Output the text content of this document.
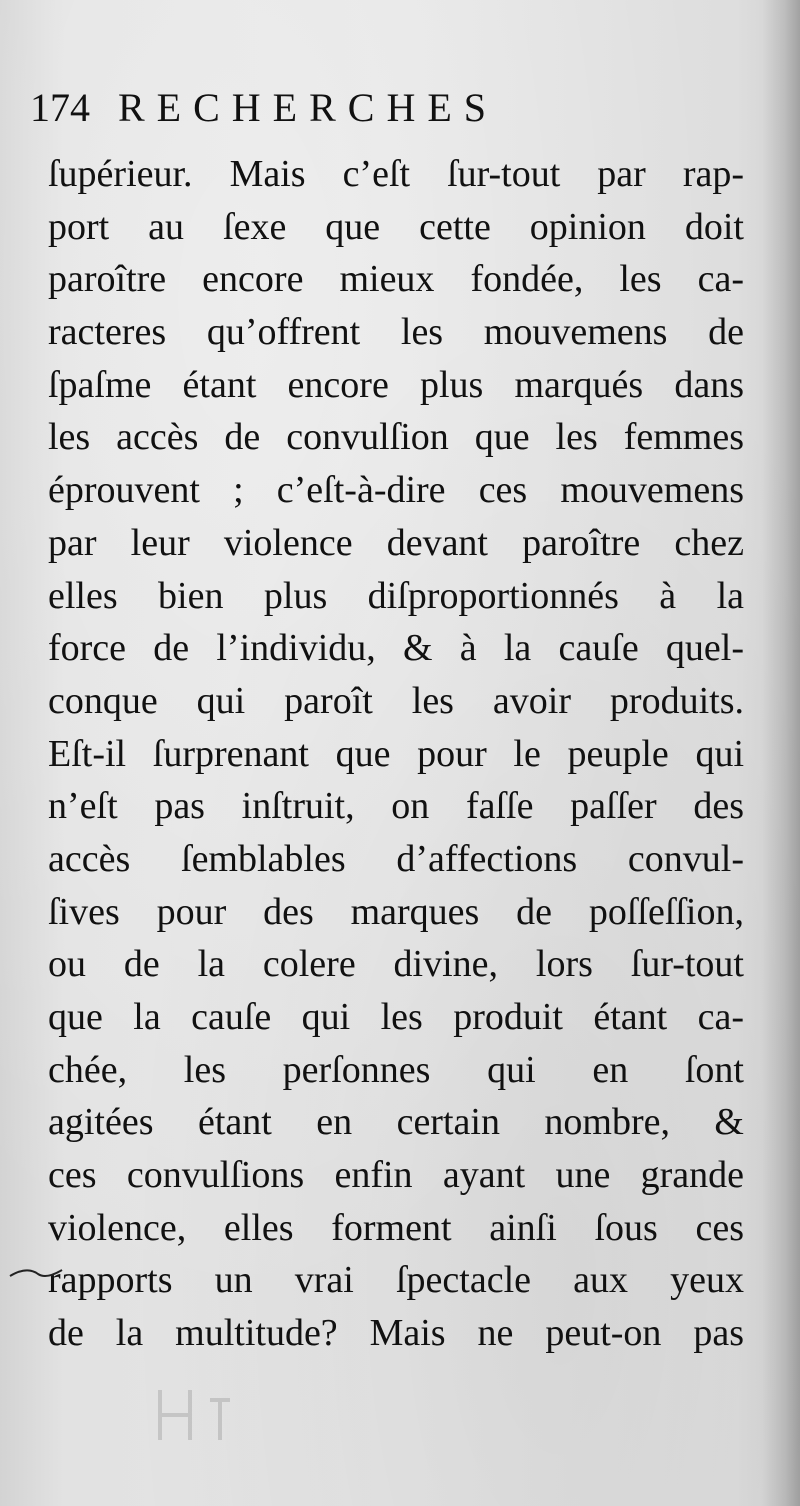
174 RECHERCHES
ſupérieur. Mais c’eſt ſur-tout par rap-
port au ſexe que cette opinion doit
paroître encore mieux fondée, les ca-
racteres qu’offrent les mouvemens de
ſpaſme étant encore plus marqués dans
les accès de convulſion que les femmes
éprouvent ; c’eſt-à-dire ces mouvemens
par leur violence devant paroître chez
elles bien plus diſproportionnés à la
force de l’individu, & à la cauſe quel-
conque qui paroît les avoir produits.
Eſt-il ſurprenant que pour le peuple qui
n’eſt pas inſtruit, on faſſe paſſer des
accès ſemblables d’affections convul-
ſives pour des marques de poſſeſſion,
ou de la colere divine, lors ſur-tout
que la cauſe qui les produit étant ca-
chée, les perſonnes qui en ſont
agitées étant en certain nombre, &
ces convulſions enfin ayant une grande
violence, elles forment ainſi ſous ces
rapports un vrai ſpectacle aux yeux
de la multitude? Mais ne peut-on pas
